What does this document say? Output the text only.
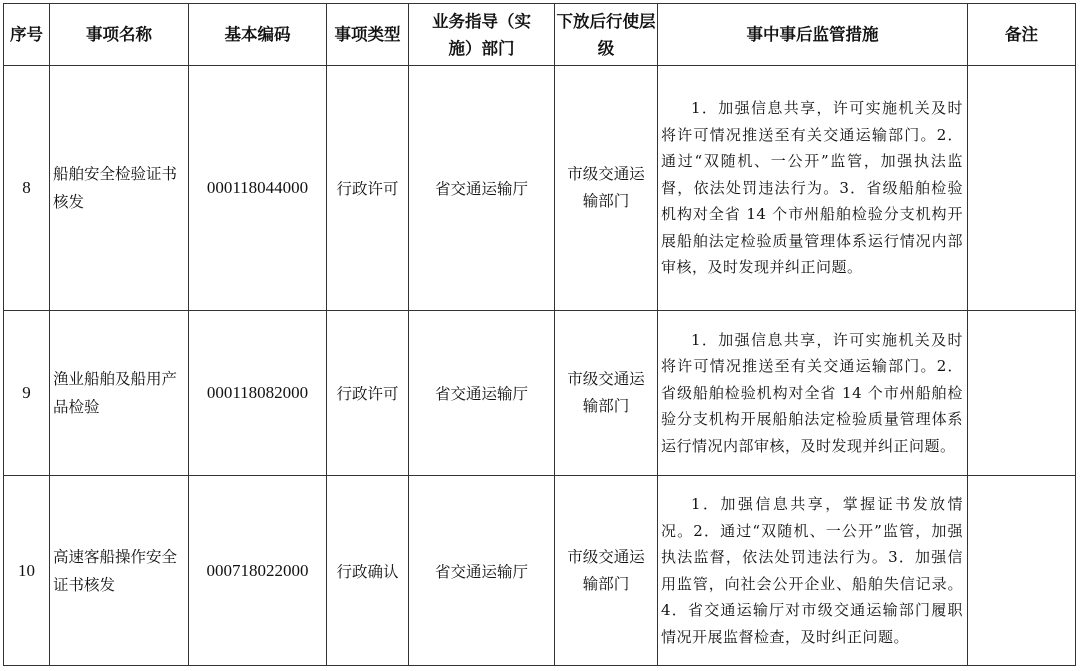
序号	事项名称	基本编码	事项类型	业务指导（实施）部门	下放后行使层级	事中事后监管措施	备注
8	船舶安全检验证书核发	000118044000	行政许可	省交通运输厅	市级交通运输部门	1．加强信息共享，许可实施机关及时将许可情况推送至有关交通运输部门。2．通过“双随机、一公开”监管，加强执法监督，依法处罚违法行为。3．省级船舶检验机构对全省 14 个市州船舶检验分支机构开展船舶法定检验质量管理体系运行情况内部审核，及时发现并纠正问题。	
9	渔业船舶及船用产品检验	000118082000	行政许可	省交通运输厅	市级交通运输部门	1．加强信息共享，许可实施机关及时将许可情况推送至有关交通运输部门。2．省级船舶检验机构对全省 14 个市州船舶检验分支机构开展船舶法定检验质量管理体系运行情况内部审核，及时发现并纠正问题。	
10	高速客船操作安全证书核发	000718022000	行政确认	省交通运输厅	市级交通运输部门	1．加强信息共享，掌握证书发放情况。2．通过“双随机、一公开”监管，加强执法监督，依法处罚违法行为。3．加强信用监管，向社会公开企业、船舶失信记录。4．省交通运输厅对市级交通运输部门履职情况开展监督检查，及时纠正问题。	
